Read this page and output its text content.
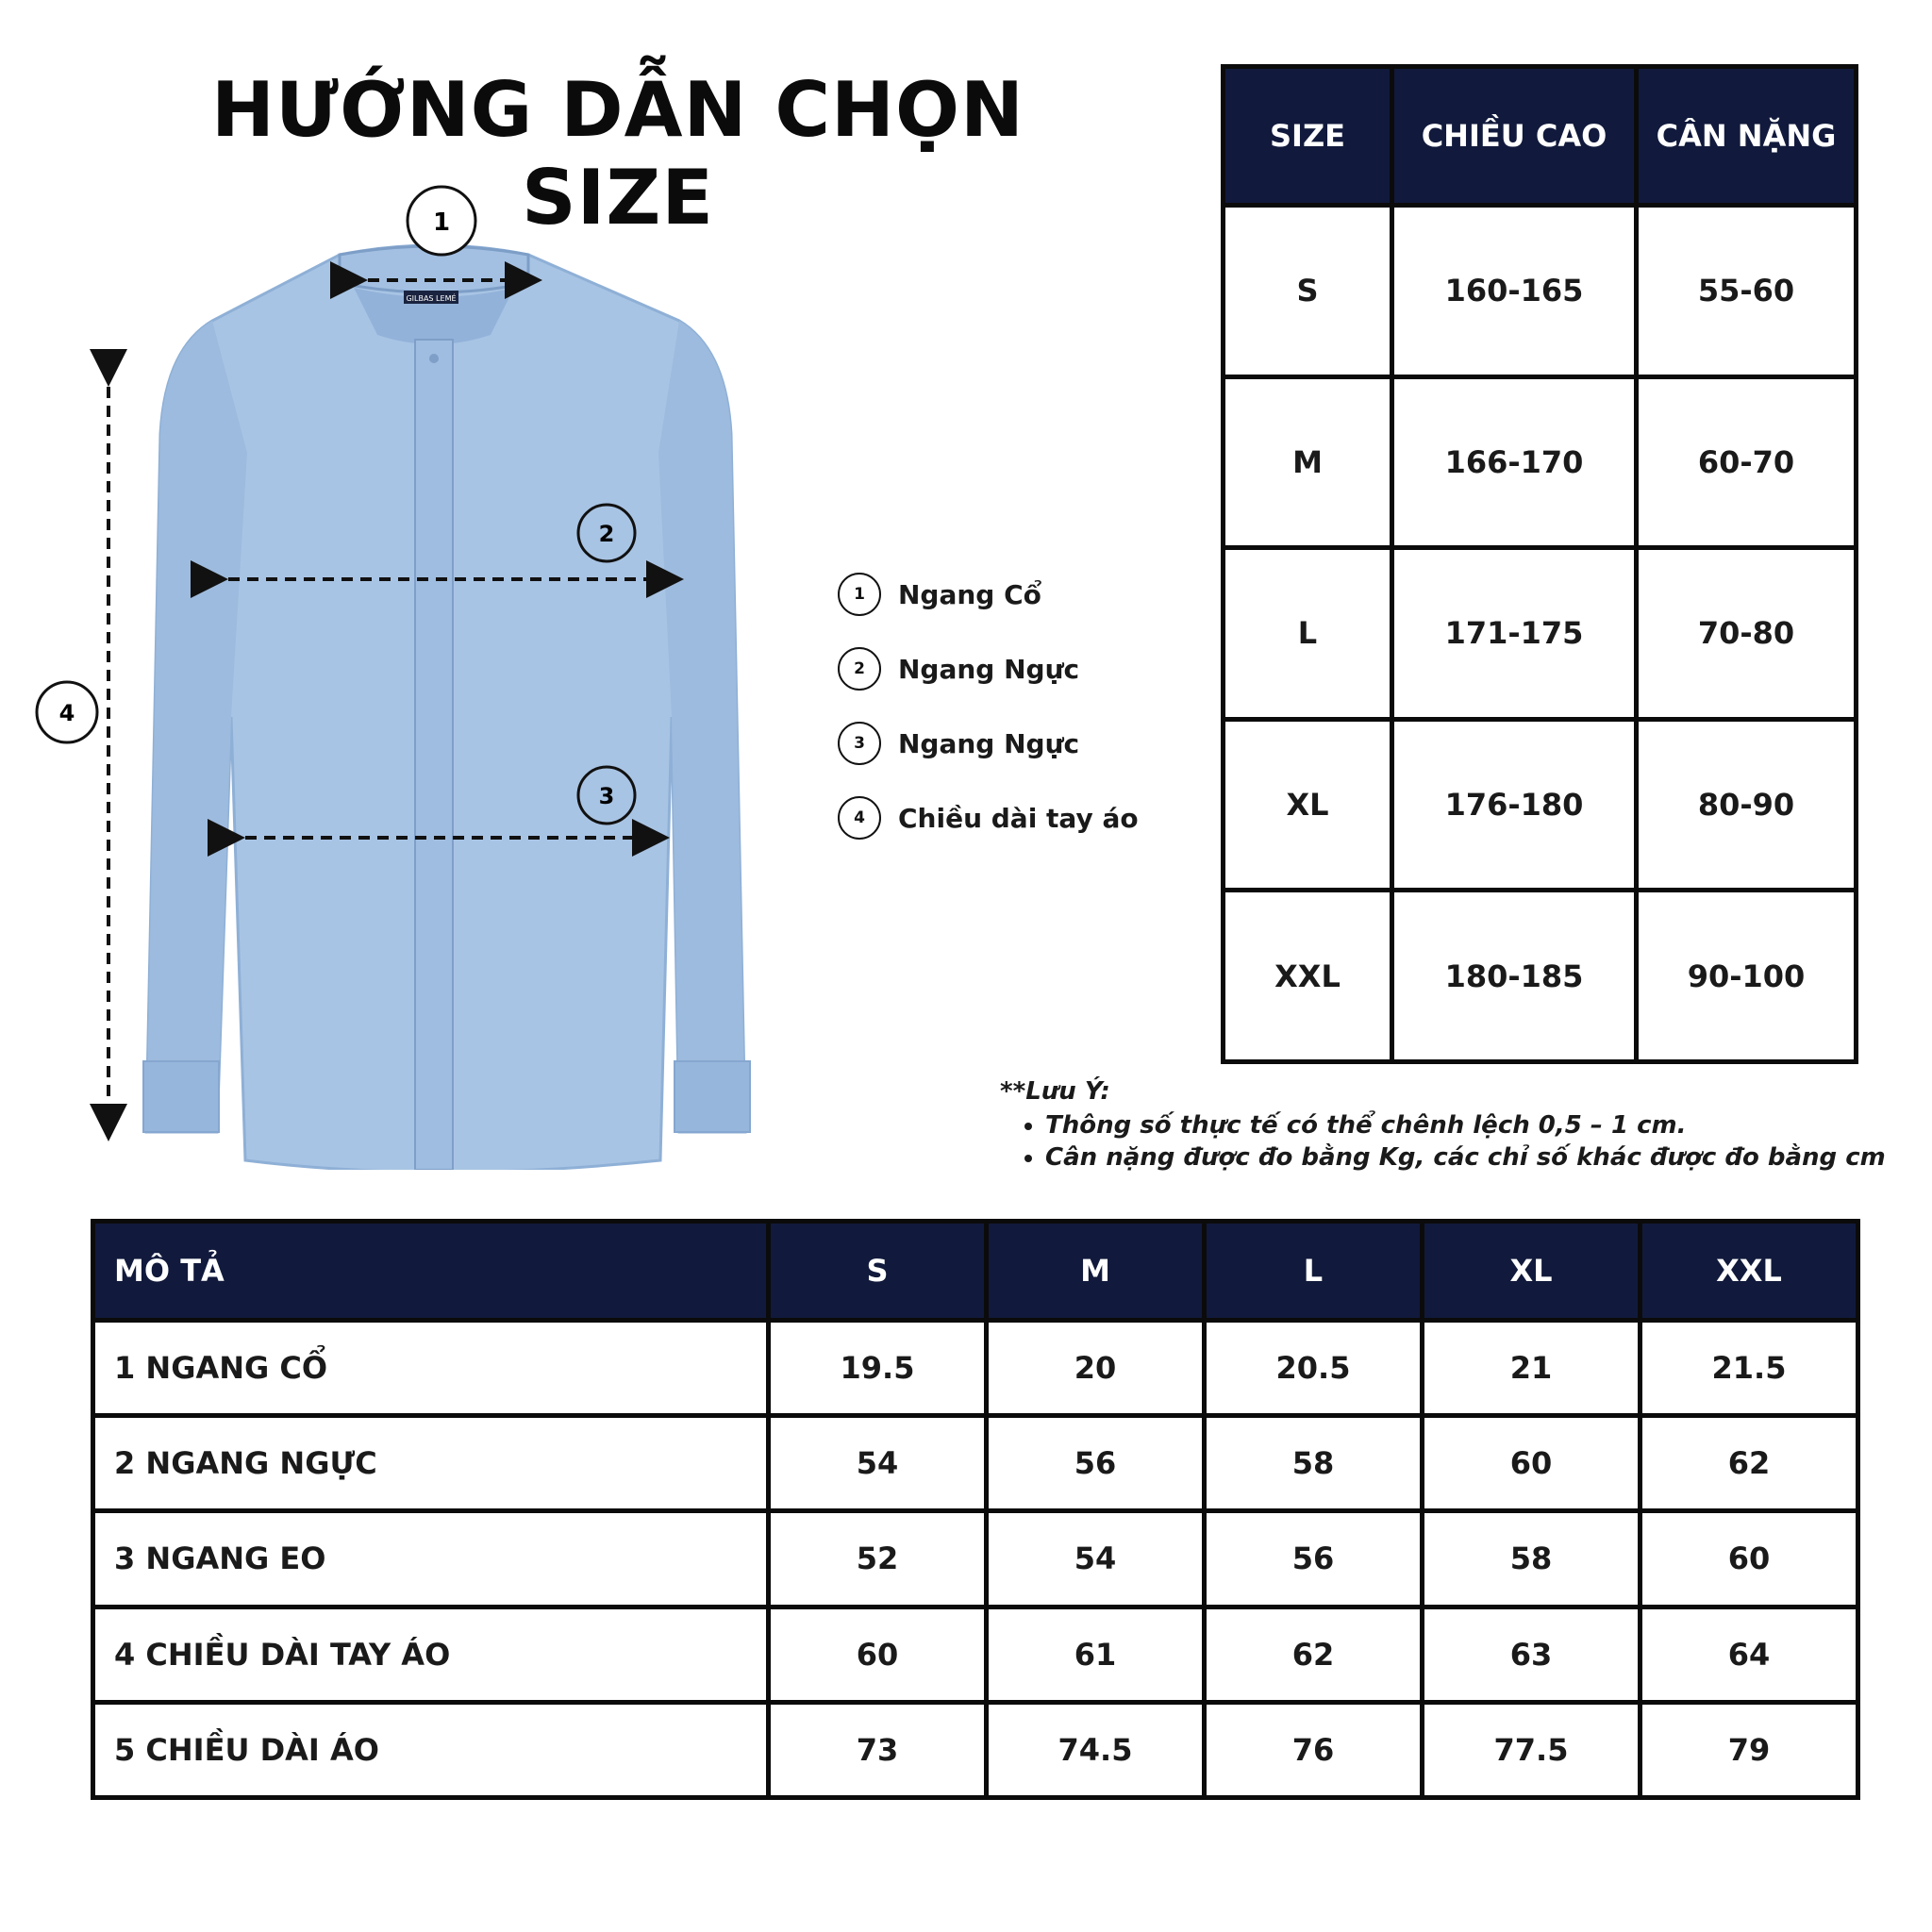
HƯỚNG DẪN CHỌN SIZE
GILBAS LEMÉ
1
2
3
4
1	Ngang Cổ
2	Ngang Ngực
3	Ngang Ngực
4	Chiều dài tay áo
SIZE	CHIỀU CAO	CÂN NẶNG
S	160-165	55-60
M	166-170	60-70
L	171-175	70-80
XL	176-180	80-90
XXL	180-185	90-100
**Lưu Ý:
• Thông số thực tế có thể chênh lệch 0,5 – 1 cm.
• Cân nặng được đo bằng Kg, các chỉ số khác được đo bằng cm
MÔ TẢ	S	M	L	XL	XXL
1 NGANG CỔ	19.5	20	20.5	21	21.5
2 NGANG NGỰC	54	56	58	60	62
3 NGANG EO	52	54	56	58	60
4 CHIỀU DÀI TAY ÁO	60	61	62	63	64
5 CHIỀU DÀI ÁO	73	74.5	76	77.5	79
